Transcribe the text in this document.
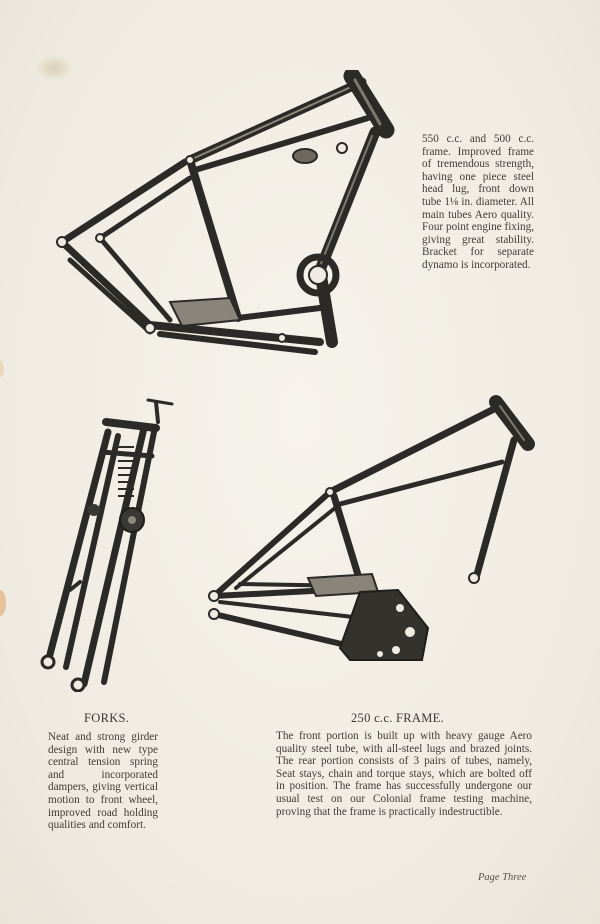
550 c.c. and 500 c.c. frame. Improved frame of tremendous strength, having one piece steel head lug, front down tube 1⅛ in. diameter. All main tubes Aero quality. Four point engine fixing, giving great stability. Bracket for separate dynamo is incorporated.
FORKS.
Neat and strong girder design with new type central tension spring and incorporated dampers, giving vertical motion to front wheel, improved road holding qualities and comfort.
250 c.c. FRAME.
The front portion is built up with heavy gauge Aero quality steel tube, with all-steel lugs and brazed joints. The rear portion consists of 3 pairs of tubes, namely, Seat stays, chain and torque stays, which are bolted off in position. The frame has successfully undergone our usual test on our Colonial frame testing machine, proving that the frame is practically indestructible.
Page Three
